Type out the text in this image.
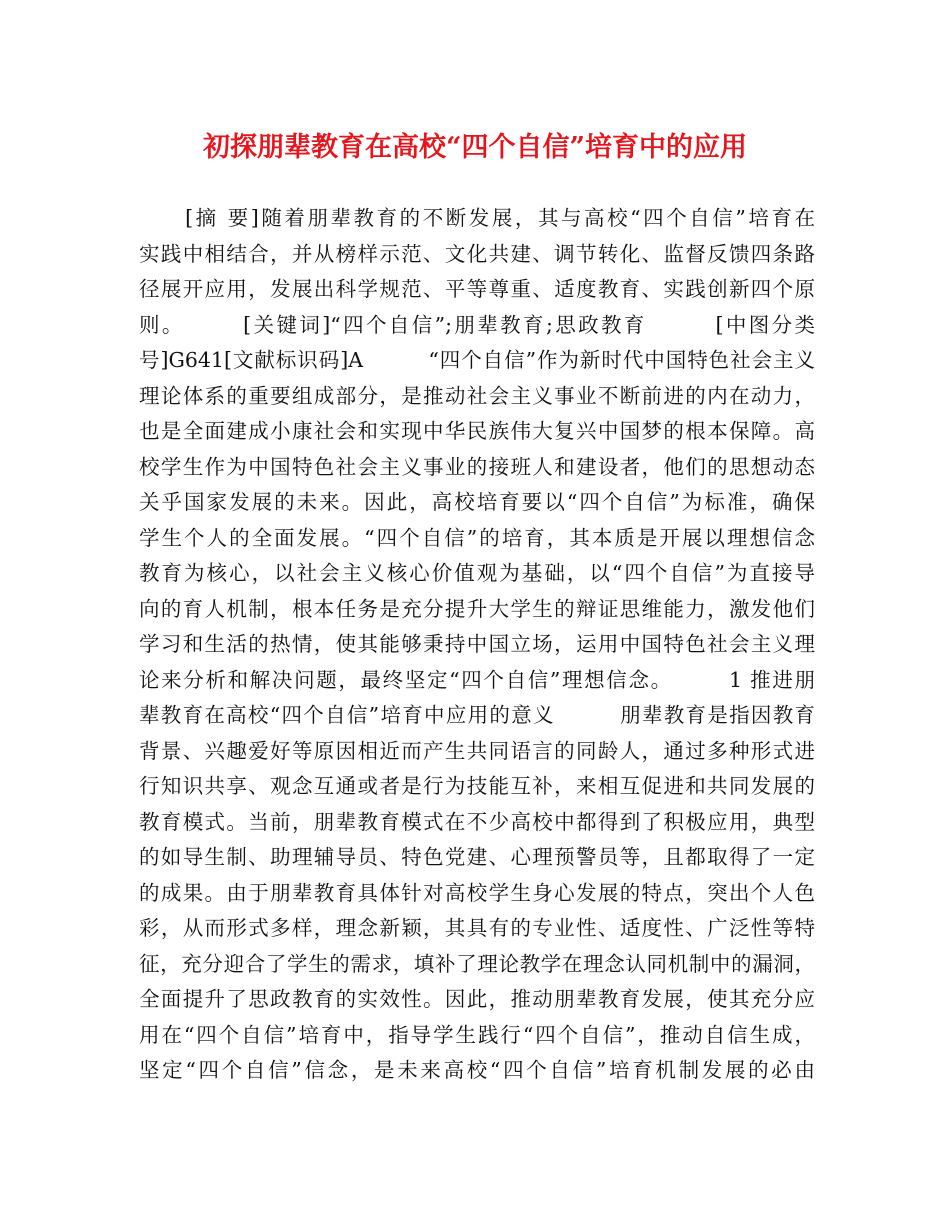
初探朋辈教育在高校“四个自信”培育中的应用
　　[摘 要]随着朋辈教育的不断发展，其与高校“四个自信”培育在
实践中相结合，并从榜样示范、文化共建、调节转化、监督反馈四条路
径展开应用，发展出科学规范、平等尊重、适度教育、实践创新四个原
则。　　　[关键词]“四个自信”;朋辈教育;思政教育　　　[中图分类
号]G641[文献标识码]A　　　“四个自信”作为新时代中国特色社会主义
理论体系的重要组成部分，是推动社会主义事业不断前进的内在动力，
也是全面建成小康社会和实现中华民族伟大复兴中国梦的根本保障。高
校学生作为中国特色社会主义事业的接班人和建设者，他们的思想动态
关乎国家发展的未来。因此，高校培育要以“四个自信”为标准，确保
学生个人的全面发展。“四个自信”的培育，其本质是开展以理想信念
教育为核心，以社会主义核心价值观为基础，以“四个自信”为直接导
向的育人机制，根本任务是充分提升大学生的辩证思维能力，激发他们
学习和生活的热情，使其能够秉持中国立场，运用中国特色社会主义理
论来分析和解决问题，最终坚定“四个自信”理想信念。　　　1 推进朋
辈教育在高校“四个自信”培育中应用的意义　　　朋辈教育是指因教育
背景、兴趣爱好等原因相近而产生共同语言的同龄人，通过多种形式进
行知识共享、观念互通或者是行为技能互补，来相互促进和共同发展的
教育模式。当前，朋辈教育模式在不少高校中都得到了积极应用，典型
的如导生制、助理辅导员、特色党建、心理预警员等，且都取得了一定
的成果。由于朋辈教育具体针对高校学生身心发展的特点，突出个人色
彩，从而形式多样，理念新颖，其具有的专业性、适度性、广泛性等特
征，充分迎合了学生的需求，填补了理论教学在理念认同机制中的漏洞，
全面提升了思政教育的实效性。因此，推动朋辈教育发展，使其充分应
用在“四个自信”培育中，指导学生践行“四个自信”，推动自信生成，
坚定“四个自信”信念，是未来高校“四个自信”培育机制发展的必由
